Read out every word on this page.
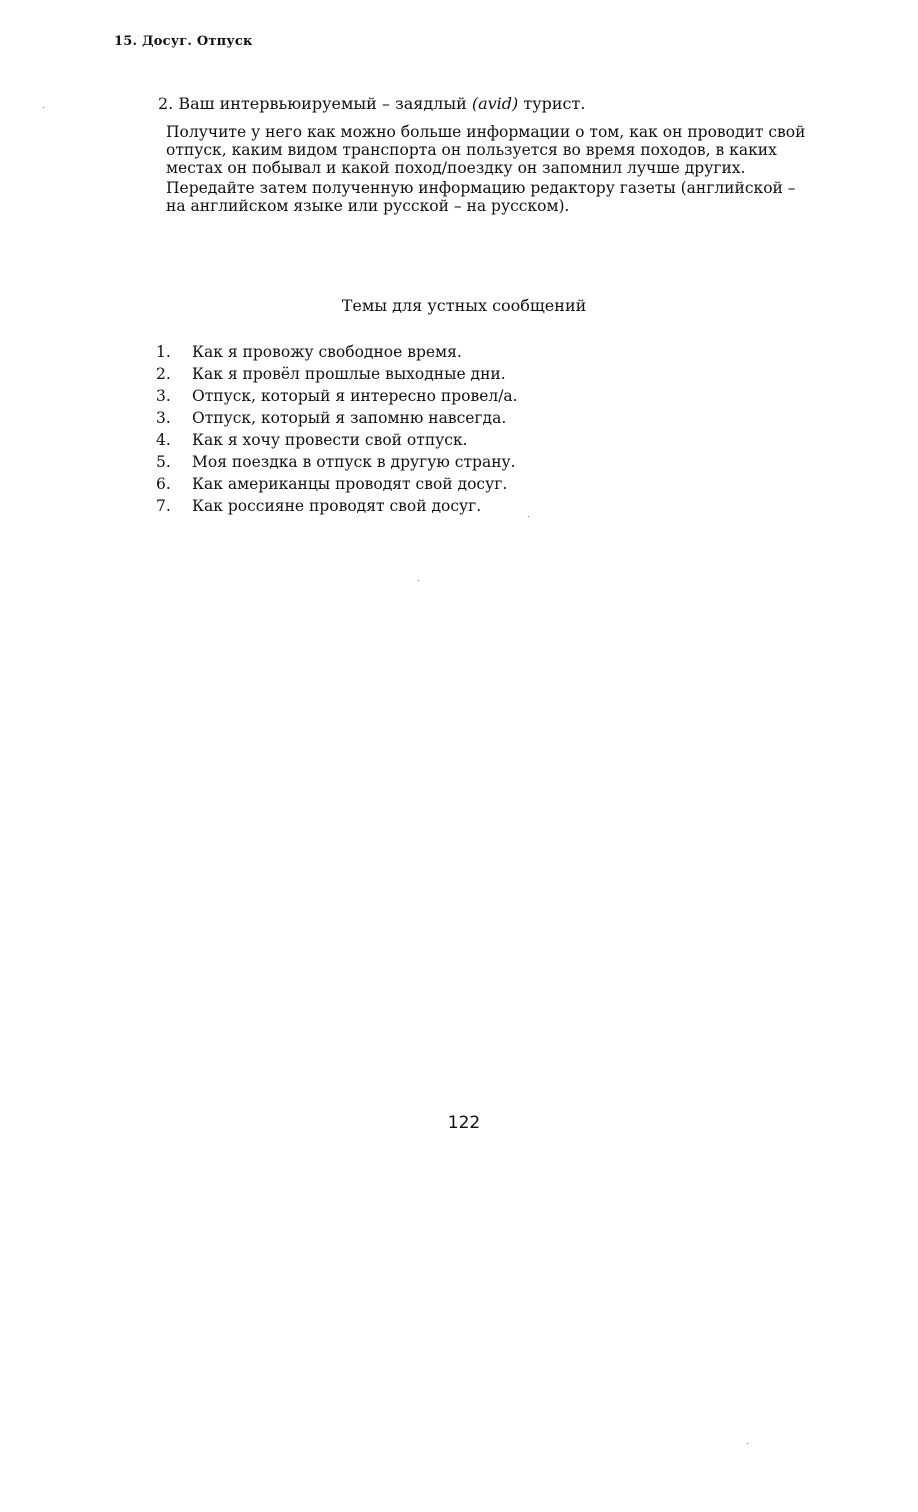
15. Досуг. Отпуск
2. Ваш интервьюируемый – заядлый (avid) турист.

Получите у него как можно больше информации о том, как он проводит свой отпуск, каким видом транспорта он пользуется во время походов, в каких местах он побывал и какой поход/поездку он запомнил лучше других.

Передайте затем полученную информацию редактору газеты (английской – на английском языке или русской – на русском).

Темы для устных сообщений
1.	Как я провожу свободное время.
2.	Как я провёл прошлые выходные дни.
3.	Отпуск, который я интересно провел/а.
3.	Отпуск, который я запомню навсегда.
4.	Как я хочу провести свой отпуск.
5.	Моя поездка в отпуск в другую страну.
6.	Как американцы проводят свой досуг.
7.	Как россияне проводят свой досуг.
122
